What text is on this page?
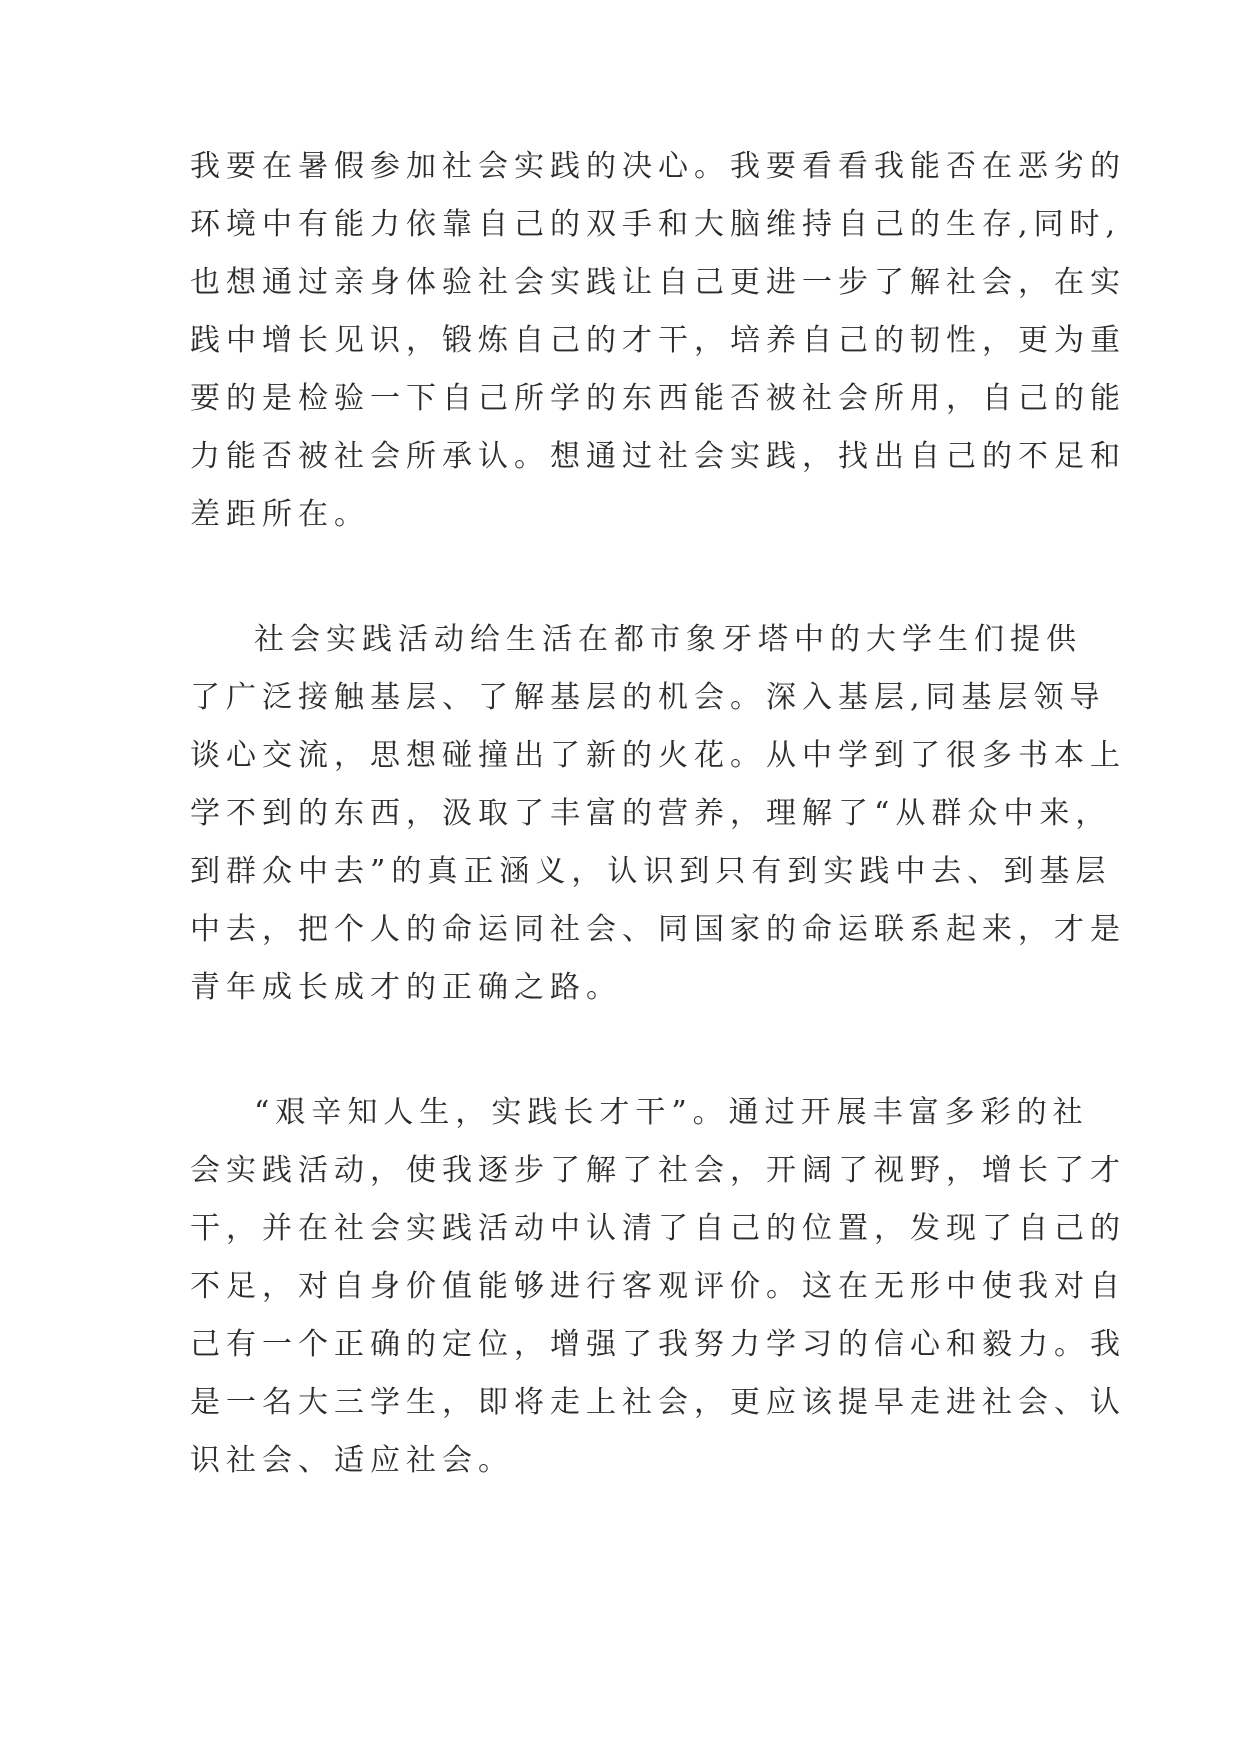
我要在暑假参加社会实践的决心。我要看看我能否在恶劣的
环境中有能力依靠自己的双手和大脑维持自己的生存,同时,
也想通过亲身体验社会实践让自己更进一步了解社会，在实
践中增长见识，锻炼自己的才干，培养自己的韧性，更为重
要的是检验一下自己所学的东西能否被社会所用，自己的能
力能否被社会所承认。想通过社会实践，找出自己的不足和
差距所在。
社会实践活动给生活在都市象牙塔中的大学生们提供
了广泛接触基层、了解基层的机会。深入基层,同基层领导
谈心交流，思想碰撞出了新的火花。从中学到了很多书本上
学不到的东西，汲取了丰富的营养，理解了“从群众中来，
到群众中去”的真正涵义，认识到只有到实践中去、到基层
中去，把个人的命运同社会、同国家的命运联系起来，才是
青年成长成才的正确之路。
“艰辛知人生，实践长才干”。通过开展丰富多彩的社
会实践活动，使我逐步了解了社会，开阔了视野，增长了才
干，并在社会实践活动中认清了自己的位置，发现了自己的
不足，对自身价值能够进行客观评价。这在无形中使我对自
己有一个正确的定位，增强了我努力学习的信心和毅力。我
是一名大三学生，即将走上社会，更应该提早走进社会、认
识社会、适应社会。
